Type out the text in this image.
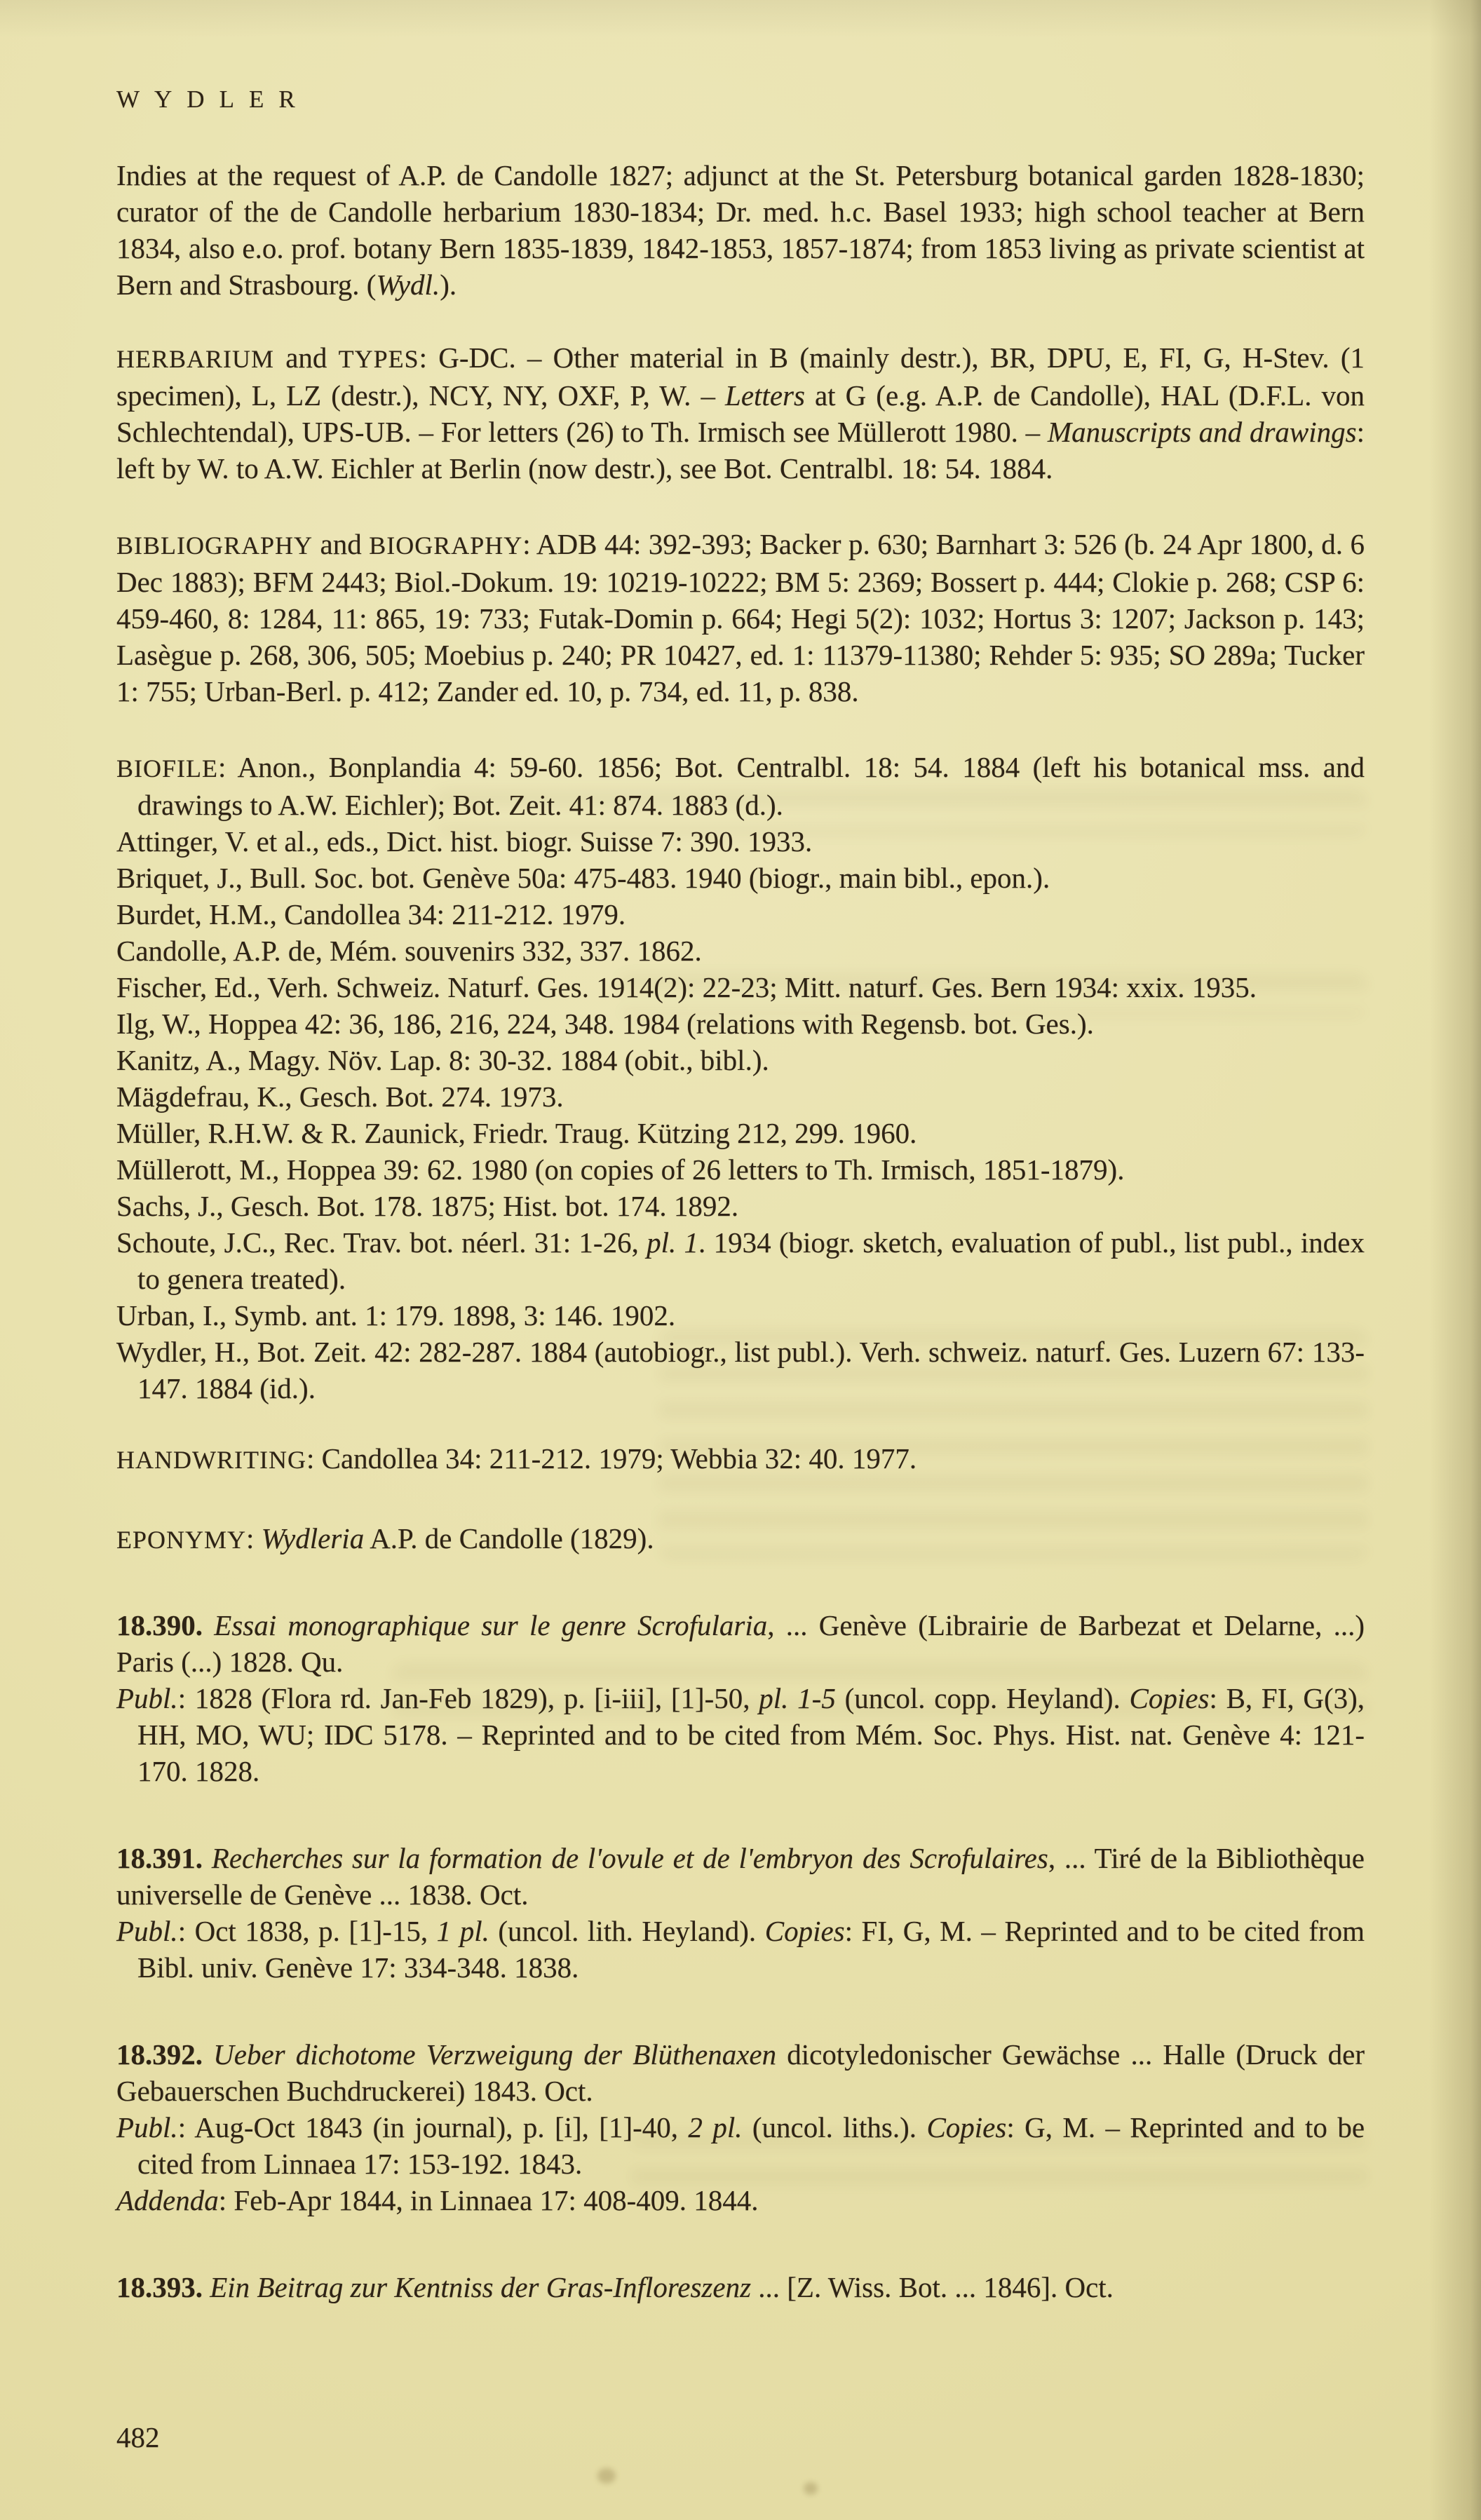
WYDLER

Indies at the request of A.P. de Candolle 1827; adjunct at the St. Petersburg botanical garden 1828-1830; curator of the de Candolle herbarium 1830-1834; Dr. med. h.c. Basel 1933; high school teacher at Bern 1834, also e.o. prof. botany Bern 1835-1839, 1842-1853, 1857-1874; from 1853 living as private scientist at Bern and Strasbourg. (Wydl.).

HERBARIUM and TYPES: G-DC. – Other material in B (mainly destr.), BR, DPU, E, FI, G, H-Stev. (1 specimen), L, LZ (destr.), NCY, NY, OXF, P, W. – Letters at G (e.g. A.P. de Candolle), HAL (D.F.L. von Schlechtendal), UPS-UB. – For letters (26) to Th. Irmisch see Müllerott 1980. – Manuscripts and drawings: left by W. to A.W. Eichler at Berlin (now destr.), see Bot. Centralbl. 18: 54. 1884.

BIBLIOGRAPHY and BIOGRAPHY: ADB 44: 392-393; Backer p. 630; Barnhart 3: 526 (b. 24 Apr 1800, d. 6 Dec 1883); BFM 2443; Biol.-Dokum. 19: 10219-10222; BM 5: 2369; Bossert p. 444; Clokie p. 268; CSP 6: 459-460, 8: 1284, 11: 865, 19: 733; Futak-Domin p. 664; Hegi 5(2): 1032; Hortus 3: 1207; Jackson p. 143; Lasègue p. 268, 306, 505; Moebius p. 240; PR 10427, ed. 1: 11379-11380; Rehder 5: 935; SO 289a; Tucker 1: 755; Urban-Berl. p. 412; Zander ed. 10, p. 734, ed. 11, p. 838.

BIOFILE: Anon., Bonplandia 4: 59-60. 1856; Bot. Centralbl. 18: 54. 1884 (left his botanical mss. and drawings to A.W. Eichler); Bot. Zeit. 41: 874. 1883 (d.).

Attinger, V. et al., eds., Dict. hist. biogr. Suisse 7: 390. 1933.

Briquet, J., Bull. Soc. bot. Genève 50a: 475-483. 1940 (biogr., main bibl., epon.).

Burdet, H.M., Candollea 34: 211-212. 1979.

Candolle, A.P. de, Mém. souvenirs 332, 337. 1862.

Fischer, Ed., Verh. Schweiz. Naturf. Ges. 1914(2): 22-23; Mitt. naturf. Ges. Bern 1934: xxix. 1935.

Ilg, W., Hoppea 42: 36, 186, 216, 224, 348. 1984 (relations with Regensb. bot. Ges.).

Kanitz, A., Magy. Növ. Lap. 8: 30-32. 1884 (obit., bibl.).

Mägdefrau, K., Gesch. Bot. 274. 1973.

Müller, R.H.W. & R. Zaunick, Friedr. Traug. Kützing 212, 299. 1960.

Müllerott, M., Hoppea 39: 62. 1980 (on copies of 26 letters to Th. Irmisch, 1851-1879).

Sachs, J., Gesch. Bot. 178. 1875; Hist. bot. 174. 1892.

Schoute, J.C., Rec. Trav. bot. néerl. 31: 1-26, pl. 1. 1934 (biogr. sketch, evaluation of publ., list publ., index to genera treated).

Urban, I., Symb. ant. 1: 179. 1898, 3: 146. 1902.

Wydler, H., Bot. Zeit. 42: 282-287. 1884 (autobiogr., list publ.). Verh. schweiz. naturf. Ges. Luzern 67: 133-147. 1884 (id.).

HANDWRITING: Candollea 34: 211-212. 1979; Webbia 32: 40. 1977.

EPONYMY: Wydleria A.P. de Candolle (1829).

18.390. Essai monographique sur le genre Scrofularia, ... Genève (Librairie de Barbezat et Delarne, ...) Paris (...) 1828. Qu.

Publ.: 1828 (Flora rd. Jan-Feb 1829), p. [i-iii], [1]-50, pl. 1-5 (uncol. copp. Heyland). Copies: B, FI, G(3), HH, MO, WU; IDC 5178. – Reprinted and to be cited from Mém. Soc. Phys. Hist. nat. Genève 4: 121-170. 1828.

18.391. Recherches sur la formation de l'ovule et de l'embryon des Scrofulaires, ... Tiré de la Bibliothèque universelle de Genève ... 1838. Oct.

Publ.: Oct 1838, p. [1]-15, 1 pl. (uncol. lith. Heyland). Copies: FI, G, M. – Reprinted and to be cited from Bibl. univ. Genève 17: 334-348. 1838.

18.392. Ueber dichotome Verzweigung der Blüthenaxen dicotyledonischer Gewächse ... Halle (Druck der Gebauerschen Buchdruckerei) 1843. Oct.

Publ.: Aug-Oct 1843 (in journal), p. [i], [1]-40, 2 pl. (uncol. liths.). Copies: G, M. – Reprinted and to be cited from Linnaea 17: 153-192. 1843.

Addenda: Feb-Apr 1844, in Linnaea 17: 408-409. 1844.

18.393. Ein Beitrag zur Kentniss der Gras-Infloreszenz ... [Z. Wiss. Bot. ... 1846]. Oct.

482
